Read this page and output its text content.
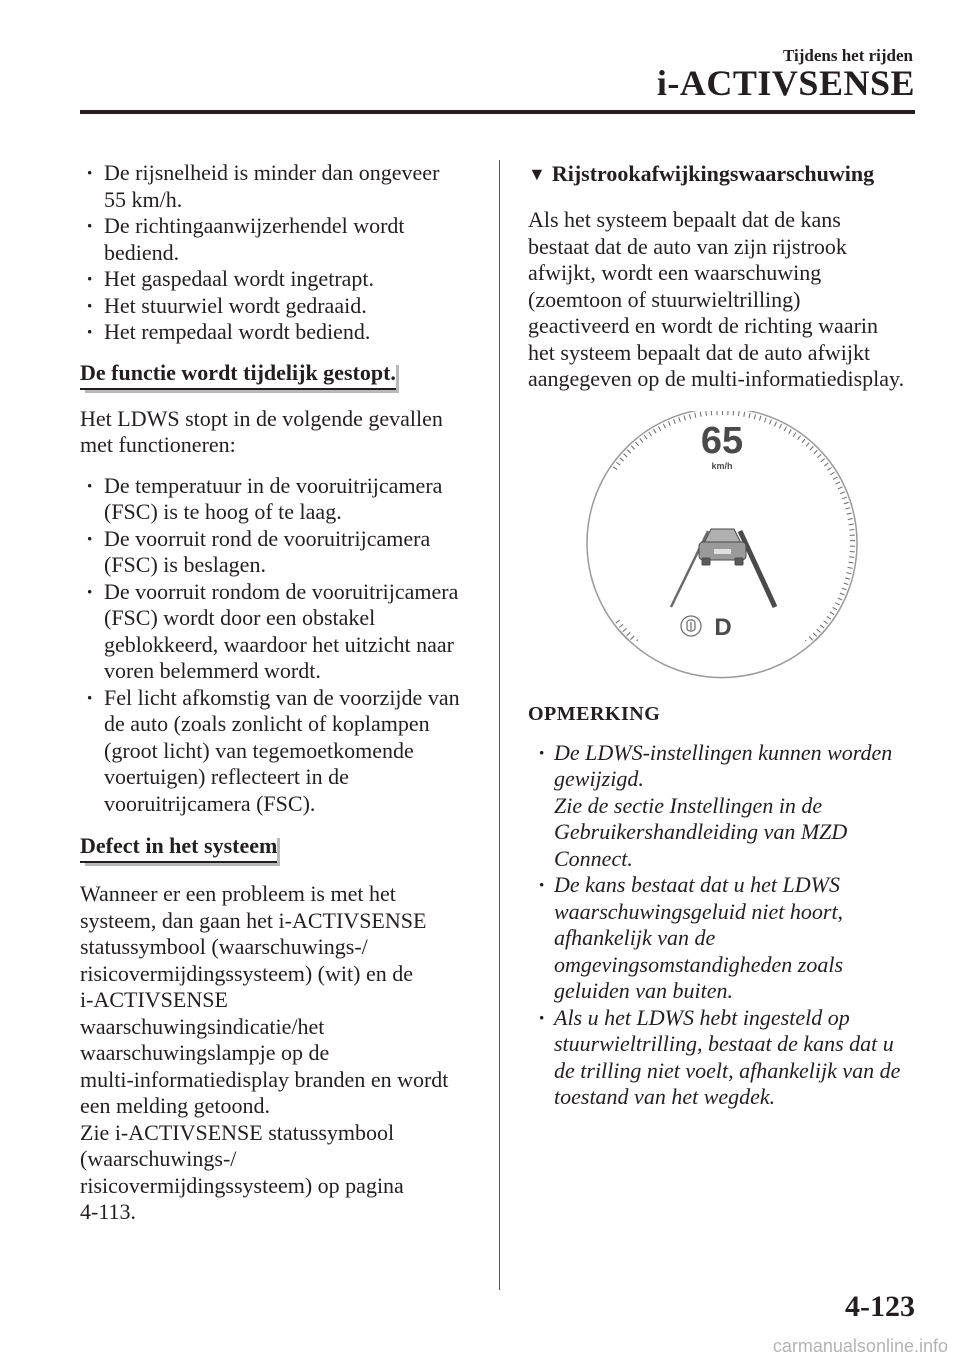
Tijdens het rijden
i-ACTIVSENSE
· De rijsnelheid is minder dan ongeveer
55 km/h.
· De richtingaanwijzerhendel wordt
bediend.
· Het gaspedaal wordt ingetrapt.
· Het stuurwiel wordt gedraaid.
· Het rempedaal wordt bediend.

De functie wordt tijdelijk gestopt.

Het LDWS stopt in de volgende gevallen
met functioneren:

· De temperatuur in de vooruitrijcamera
(FSC) is te hoog of te laag.
· De voorruit rond de vooruitrijcamera
(FSC) is beslagen.
· De voorruit rondom de vooruitrijcamera
(FSC) wordt door een obstakel
geblokkeerd, waardoor het uitzicht naar
voren belemmerd wordt.
· Fel licht afkomstig van de voorzijde van
de auto (zoals zonlicht of koplampen
(groot licht) van tegemoetkomende
voertuigen) reflecteert in de
vooruitrijcamera (FSC).

Defect in het systeem

Wanneer er een probleem is met het
systeem, dan gaan het i-ACTIVSENSE
statussymbool (waarschuwings-/
risicovermijdingssysteem) (wit) en de
i-ACTIVSENSE
waarschuwingsindicatie/het
waarschuwingslampje op de
multi-informatiedisplay branden en wordt
een melding getoond.
Zie i-ACTIVSENSE statussymbool
(waarschuwings-/
risicovermijdingssysteem) op pagina
4-113.

▼ Rijstrookafwijkingswaarschuwing

Als het systeem bepaalt dat de kans
bestaat dat de auto van zijn rijstrook
afwijkt, wordt een waarschuwing
(zoemtoon of stuurwieltrilling)
geactiveerd en wordt de richting waarin
het systeem bepaalt dat de auto afwijkt
aangegeven op de multi-informatiedisplay.

65
km/h
D

OPMERKING

· De LDWS-instellingen kunnen worden
gewijzigd.
Zie de sectie Instellingen in de
Gebruikershandleiding van MZD
Connect.
· De kans bestaat dat u het LDWS
waarschuwingsgeluid niet hoort,
afhankelijk van de
omgevingsomstandigheden zoals
geluiden van buiten.
· Als u het LDWS hebt ingesteld op
stuurwieltrilling, bestaat de kans dat u
de trilling niet voelt, afhankelijk van de
toestand van het wegdek.
4-123
carmanualsonline.info
